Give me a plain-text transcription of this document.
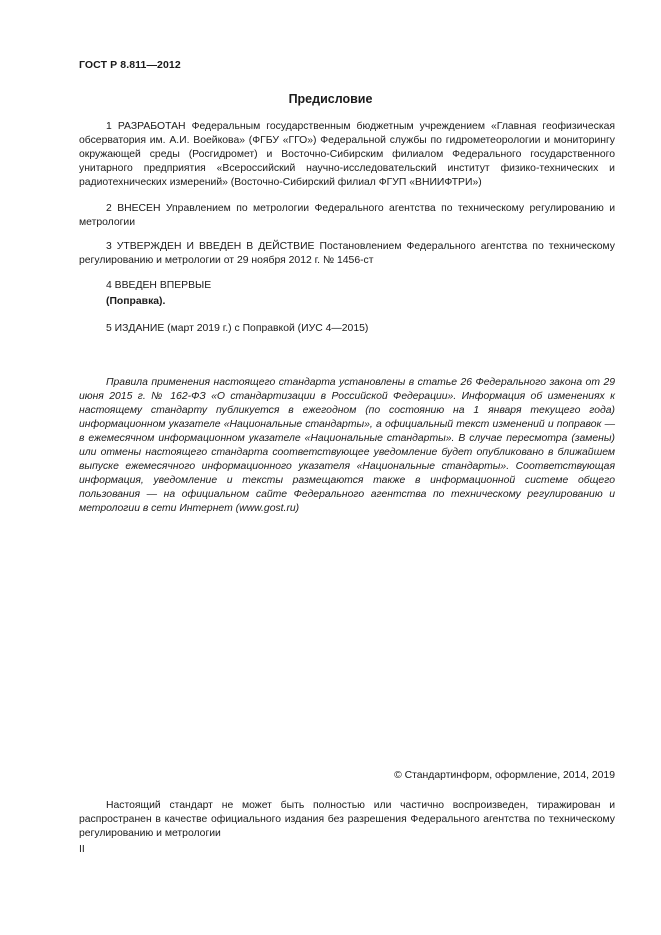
ГОСТ Р 8.811—2012
Предисловие
1 РАЗРАБОТАН Федеральным государственным бюджетным учреждением «Главная геофизическая обсерватория им. А.И. Воейкова» (ФГБУ «ГГО») Федеральной службы по гидрометеорологии и мониторингу окружающей среды (Росгидромет) и Восточно-Сибирским филиалом Федерального государственного унитарного предприятия «Всероссийский научно-исследовательский институт физико-технических и радиотехнических измерений» (Восточно-Сибирский филиал ФГУП «ВНИИФТРИ»)
2 ВНЕСЕН Управлением по метрологии Федерального агентства по техническому регулированию и метрологии
3 УТВЕРЖДЕН И ВВЕДЕН В ДЕЙСТВИЕ Постановлением Федерального агентства по техническому регулированию и метрологии от 29 ноября 2012 г. № 1456-ст
4 ВВЕДЕН ВПЕРВЫЕ
(Поправка).
5 ИЗДАНИЕ (март 2019 г.) с Поправкой (ИУС 4—2015)
Правила применения настоящего стандарта установлены в статье 26 Федерального закона от 29 июня 2015 г. № 162-ФЗ «О стандартизации в Российской Федерации». Информация об изменениях к настоящему стандарту публикуется в ежегодном (по состоянию на 1 января текущего года) информационном указателе «Национальные стандарты», а официальный текст изменений и поправок — в ежемесячном информационном указателе «Национальные стандарты». В случае пересмотра (замены) или отмены настоящего стандарта соответствующее уведомление будет опубликовано в ближайшем выпуске ежемесячного информационного указателя «Национальные стандарты». Соответствующая информация, уведомление и тексты размещаются также в информационной системе общего пользования — на официальном сайте Федерального агентства по техническому регулированию и метрологии в сети Интернет (www.gost.ru)
© Стандартинформ, оформление, 2014, 2019
Настоящий стандарт не может быть полностью или частично воспроизведен, тиражирован и распространен в качестве официального издания без разрешения Федерального агентства по техническому регулированию и метрологии
II
